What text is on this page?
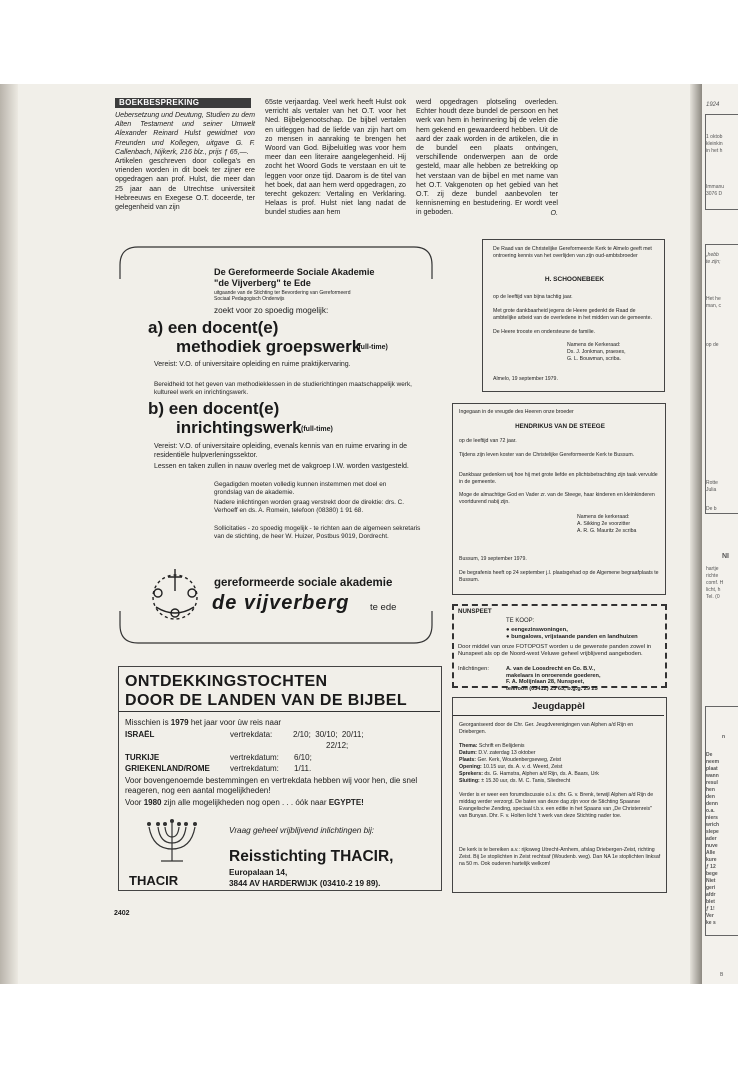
1924
1 oktob
kleinkin
in het h
Immanu
3076 D
„hebb
te zijn;
Het he
man, c
op de
Rotte
Julia
De b
NI
hartje
richte
comf. H
licht, h
Tel. (0
n
De
neem
plaat
wann
resul
hen
den
denn
o.a.
niers
wrich
slepe
ader
nuve
Alle
kure
ƒ 12
bege
Niet
geri
afdr
blet
ƒ 1!
Ver
ke s
B
BOEKBESPREKING

Uebersetzung und Deutung, Studien zu dem Alten Testament und seiner Umwelt Alexander Reinard Hulst gewidmet von Freunden und Kollegen, uitgave G. F. Callenbach, Nijkerk, 216 blz., prijs ƒ 65,—.

Artikelen geschreven door collega's en vrienden worden in dit boek ter zijner ere opgedragen aan prof. Hulst, die meer dan 25 jaar aan de Utrechtse universiteit Hebreeuws en Exegese O.T. doceerde, ter gelegenheid van zijn

65ste verjaardag. Veel werk heeft Hulst ook verricht als vertaler van het O.T. voor het Ned. Bijbelgenootschap. De bijbel vertalen en uitleggen had de liefde van zijn hart om zo mensen in aanraking te brengen het Woord van God. Bijbeluitleg was voor hem meer dan een literaire aangelegenheid. Hij zocht het Woord Gods te verstaan en uit te leggen voor onze tijd. Daarom is de titel van het boek, dat aan hem werd opgedragen, zo terecht gekozen: Vertaling en Verklaring. Helaas is prof. Hulst niet lang nadat de bundel studies aan hem

werd opgedragen plotseling overleden. Echter houdt deze bundel de persoon en het werk van hem in herinnering bij de velen die hem gekend en gewaardeerd hebben. Uit de aard der zaak worden in de artikelen, die in de bundel een plaats ontvingen, verschillende onderwerpen aan de orde gesteld, maar alle hebben ze betrekking op het verstaan van de bijbel en met name van het O.T. Vakgenoten op het gebied van het O.T. zij deze bundel aanbevolen ter kennisneming en bestudering. Er wordt veel in geboden.	O.

De Gereformeerde Sociale Akademie
"de Vijverberg" te Ede
uitgaande van de Stichting ter Bevordering van Gereformeerd Sociaal Pedagogisch Onderwijs
zoekt voor zo spoedig mogelijk:
a) een docent(e)
methodiek groepswerk
(full-time)
Vereist: V.O. of universitaire opleiding en ruime praktijkervaring.
Bereidheid tot het geven van methodieklessen in de studierichtingen maatschappelijk werk, kultureel werk en inrichtingswerk.
b) een docent(e)
inrichtingswerk (full-time)
Vereist: V.O. of universitaire opleiding, evenals kennis van en ruime ervaring in de residentiële hulpverleningssektor.
Lessen en taken zullen in nauw overleg met de vakgroep I.W. worden vastgesteld.
Gegadigden moeten volledig kunnen instemmen met doel en grondslag van de akademie.
Nadere inlichtingen worden graag verstrekt door de direktie: drs. C. Verhoeff en ds. A. Romein, telefoon (08380) 1 91 68.
Sollicitaties - zo spoedig mogelijk - te richten aan de algemeen sekretaris van de stichting, de heer W. Huizer, Postbus 9019, Dordrecht.
gereformeerde sociale akademie
de vijverberg te ede
De Raad van de Christelijke Gereformeerde Kerk te Almelo geeft met ontroering kennis van het overlijden van zijn oud-ambtsbroeder
H. SCHOONEBEEK
op de leeftijd van bijna tachtig jaar.
Met grote dankbaarheid jegens de Heere gedenkt de Raad de ambtelijke arbeid van de overledene in het midden van de gemeente.
De Heere trooste en ondersteune de familie.
Namens de Kerkeraad:
Ds. J. Jonkman, praeses,
G. L. Bouwman, scriba.
Almelo, 19 september 1979.
Ingegaan in de vreugde des Heeren onze broeder
HENDRIKUS VAN DE STEEGE
op de leeftijd van 72 jaar.
Tijdens zijn leven koster van de Christelijke Gereformeerde Kerk te Bussum.
Dankbaar gedenken wij hoe hij met grote liefde en plichtsbetrachting zijn taak vervulde in de gemeente.
Moge de almachtige God en Vader zr. van de Steege, haar kinderen en kleinkinderen voortdurend nabij zijn.
Namens de kerkeraad:
A. Sikking 2e voorzitter
A. R. G. Mauritz 2e scriba
Bussum, 19 september 1979.
De begrafenis heeft op 24 september j.l. plaatsgehad op de Algemene begraafplaats te Bussum.
NUNSPEET
TE KOOP:
● eengezinswoningen,
● bungalows, vrijstaande panden en landhuizen
Door middel van onze FOTOPOST worden u de gewenste panden zowel in Nunspeet als op de Noord-west Veluwe geheel vrijblijvend aangeboden.
Inlichtingen:	A. van de Loosdrecht en Co. B.V.,
makelaars in onroerende goederen,
F. A. Molijnlaan 28, Nunspeet,
telefoon (03412) 23 63, b.g.g. 29 25
ONTDEKKINGSTOCHTEN
DOOR DE LANDEN VAN DE BIJBEL
Misschien is 1979 het jaar voor ùw reis naar
ISRAËL	vertrekdata:	2/10;  30/10;  20/11;
22/12;
TURKIJE	vertrekdatum: 6/10;
GRIEKENLAND/ROME	vertrekdatum: 1/11.
Voor bovengenoemde bestemmingen en vertrekdata hebben wij voor hen, die snel reageren, nog een aantal mogelijkheden!
Voor 1980 zijn alle mogelijkheden nog open . . . óók naar EGYPTE!
Vraag geheel vrijblijvend inlichtingen bij:
Reisstichting THACIR,
THACIR
Europalaan 14,
3844 AV HARDERWIJK (03410-2 19 89).
Jeugdappèl
Georganiseerd door de Chr. Ger. Jeugdverenigingen van Alphen a/d Rijn en Driebergen.
Thema: Schrift en Belijdenis
Datum: D.V. zaterdag 13 oktober
Plaats: Ger. Kerk, Woudenbergseweg, Zeist
Opening: 10.15 uur, ds. A. v. d. Weerd, Zeist
Sprekers: ds. G. Hamstra, Alphen a/d Rijn, ds. A. Baars, Urk
Sluiting: ± 15.30 uur, ds. M. C. Tanis, Sliedrecht
Verder is er weer een forumdiscussie o.l.v. dhr. G. v. Brenk, terwijl Alphen a/d Rijn de middag verder verzorgt. De baten van deze dag zijn voor de Stichting Spaanse Evangelische Zending, speciaal t.b.v. een editie in het Spaans van „De Christenreis" van Bunyan. Dhr. F. v. Holten licht 't werk van deze Stichting nader toe.
De kerk is te bereiken a.v.: rijksweg Utrecht-Arnhem, afslag Driebergen-Zeist, richting Zeist. Bij 1e stoplichten in Zeist rechtsaf (Woudenb. weg). Dan NA 1e stoplichten linksaf na 50 m. Ook ouderen hartelijk welkom!
2402
